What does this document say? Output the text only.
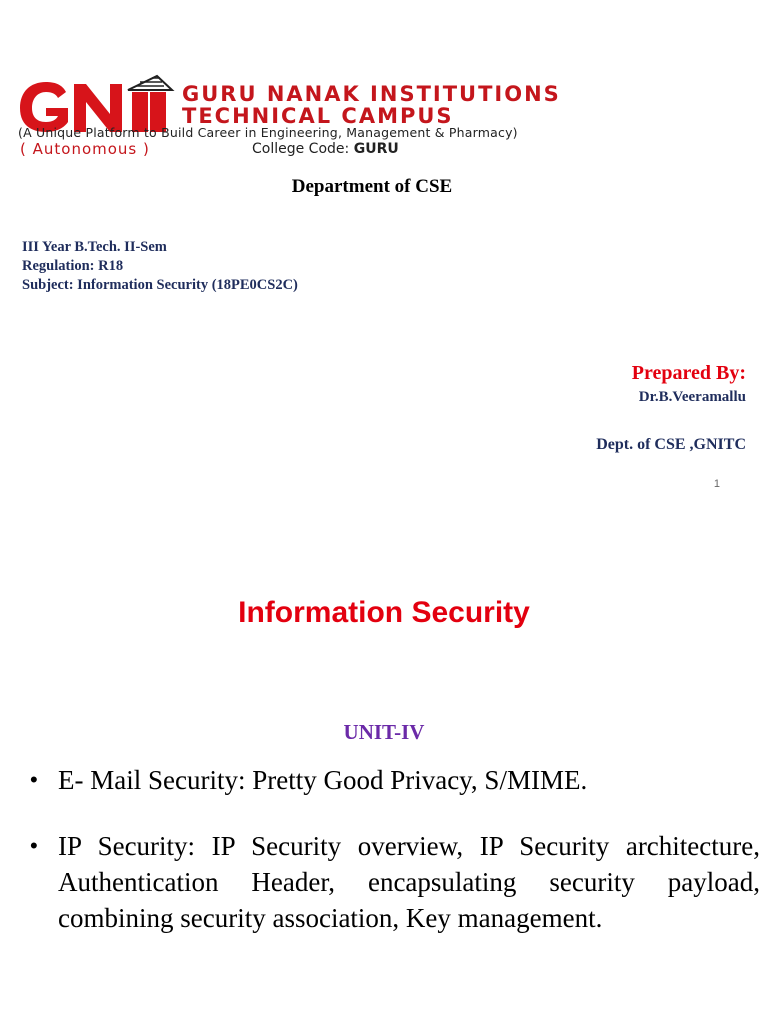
GURU NANAK INSTITUTIONS
TECHNICAL CAMPUS
(A Unique Platform to Build Career in Engineering, Management & Pharmacy)
( Autonomous )	College Code: GURU
Department of CSE
III Year B.Tech. II-Sem
Regulation: R18
Subject: Information Security (18PE0CS2C)
Prepared By:
Dr.B.Veeramallu
Dept. of CSE ,GNITC
1
Information Security
UNIT-IV
• E- Mail Security: Pretty Good Privacy, S/MIME.
• IP Security: IP Security overview, IP Security architecture, Authentication Header, encapsulating security payload, combining security association, Key management.
